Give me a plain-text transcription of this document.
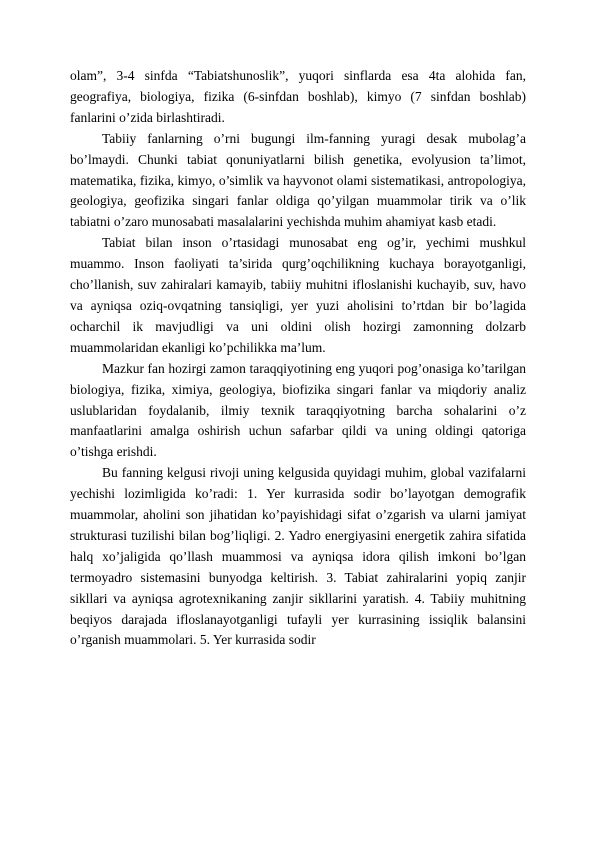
olam”, 3-4 sinfda “Tabiatshunoslik”, yuqori sinflarda esa 4ta alohida fan, geografiya, biologiya, fizika (6-sinfdan boshlab), kimyo (7 sinfdan boshlab) fanlarini o’zida birlashtiradi.

Tabiiy fanlarning o’rni bugungi ilm-fanning yuragi desak mubolag’a bo’lmaydi. Chunki tabiat qonuniyatlarni bilish genetika, evolyusion ta’limot, matematika, fizika, kimyo, o’simlik va hayvonot olami sistematikasi, antropologiya, geologiya, geofizika singari fanlar oldiga qo’yilgan muammolar tirik va o’lik tabiatni o’zaro munosabati masalalarini yechishda muhim ahamiyat kasb etadi.

Tabiat bilan inson o’rtasidagi munosabat eng og’ir, yechimi mushkul muammo. Inson faoliyati ta’sirida qurg’oqchilikning kuchaya borayotganligi, cho’llanish, suv zahiralari kamayib, tabiiy muhitni ifloslanishi kuchayib, suv, havo va ayniqsa oziq-ovqatning tansiqligi, yer yuzi aholisini to’rtdan bir bo’lagida ocharchil ik mavjudligi va uni oldini olish hozirgi zamonning dolzarb muammolaridan ekanligi ko’pchilikka ma’lum.

Mazkur fan hozirgi zamon taraqqiyotining eng yuqori pog’onasiga ko’tarilgan biologiya, fizika, ximiya, geologiya, biofizika singari fanlar va miqdoriy analiz uslublaridan foydalanib, ilmiy texnik taraqqiyotning barcha sohalarini o’z manfaatlarini amalga oshirish uchun safarbar qildi va uning oldingi qatoriga o’tishga erishdi.

Bu fanning kelgusi rivoji uning kelgusida quyidagi muhim, global vazifalarni yechishi lozimligida ko’radi: 1. Yer kurrasida sodir bo’layotgan demografik muammolar, aholini son jihatidan ko’payishidagi sifat o’zgarish va ularni jamiyat strukturasi tuzilishi bilan bog’liqligi. 2. Yadro energiyasini energetik zahira sifatida halq xo’jaligida qo’llash muammosi va ayniqsa idora qilish imkoni bo’lgan termoyadro sistemasini bunyodga keltirish. 3. Tabiat zahiralarini yopiq zanjir sikllari va ayniqsa agrotexnikaning zanjir sikllarini yaratish. 4. Tabiiy muhitning beqiyos darajada ifloslanayotganligi tufayli yer kurrasining issiqlik balansini o’rganish muammolari. 5. Yer kurrasida sodir
